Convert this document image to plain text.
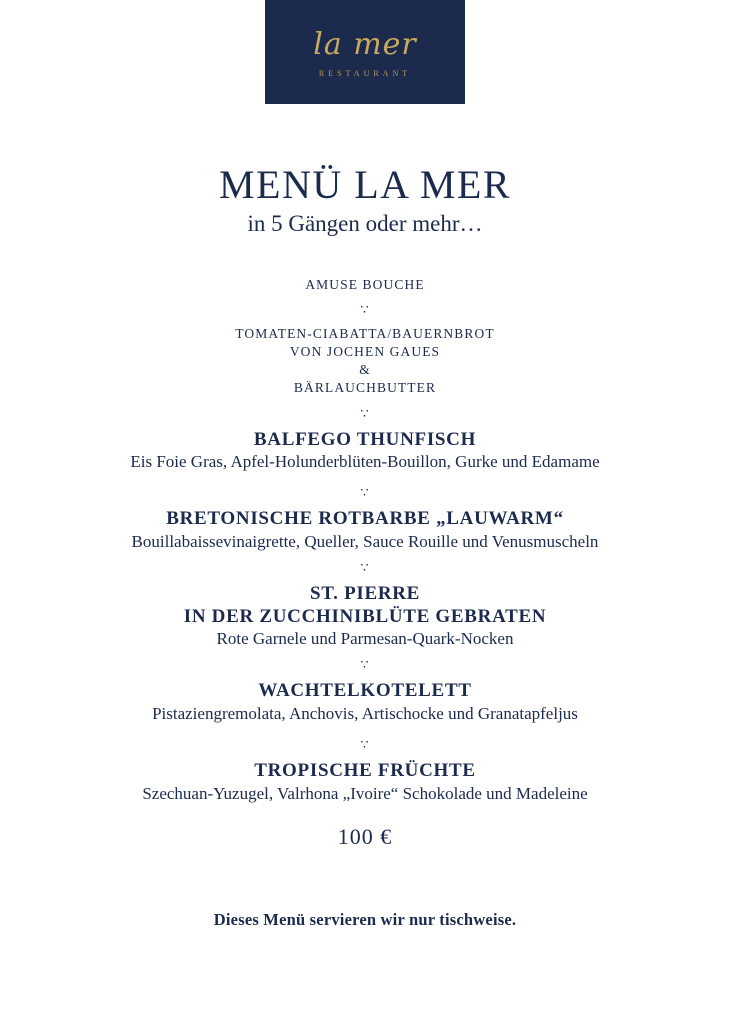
la mer
RESTAURANT
MENÜ LA MER
in 5 Gängen oder mehr…
AMUSE BOUCHE
∵
TOMATEN-CIABATTA/BAUERNBROT
VON JOCHEN GAUES
&
BÄRLAUCHBUTTER
∵
BALFEGO THUNFISCH
Eis Foie Gras, Apfel-Holunderblüten-Bouillon, Gurke und Edamame
∵
BRETONISCHE ROTBARBE „LAUWARM“
Bouillabaissevinaigrette, Queller, Sauce Rouille und Venusmuscheln
∵
ST. PIERRE
IN DER ZUCCHINIBLÜTE GEBRATEN
Rote Garnele und Parmesan-Quark-Nocken
∵
WACHTELKOTELETT
Pistaziengremolata, Anchovis, Artischocke und Granatapfeljus
∵
TROPISCHE FRÜCHTE
Szechuan-Yuzugel, Valrhona „Ivoire“ Schokolade und Madeleine
100 €
Dieses Menü servieren wir nur tischweise.
